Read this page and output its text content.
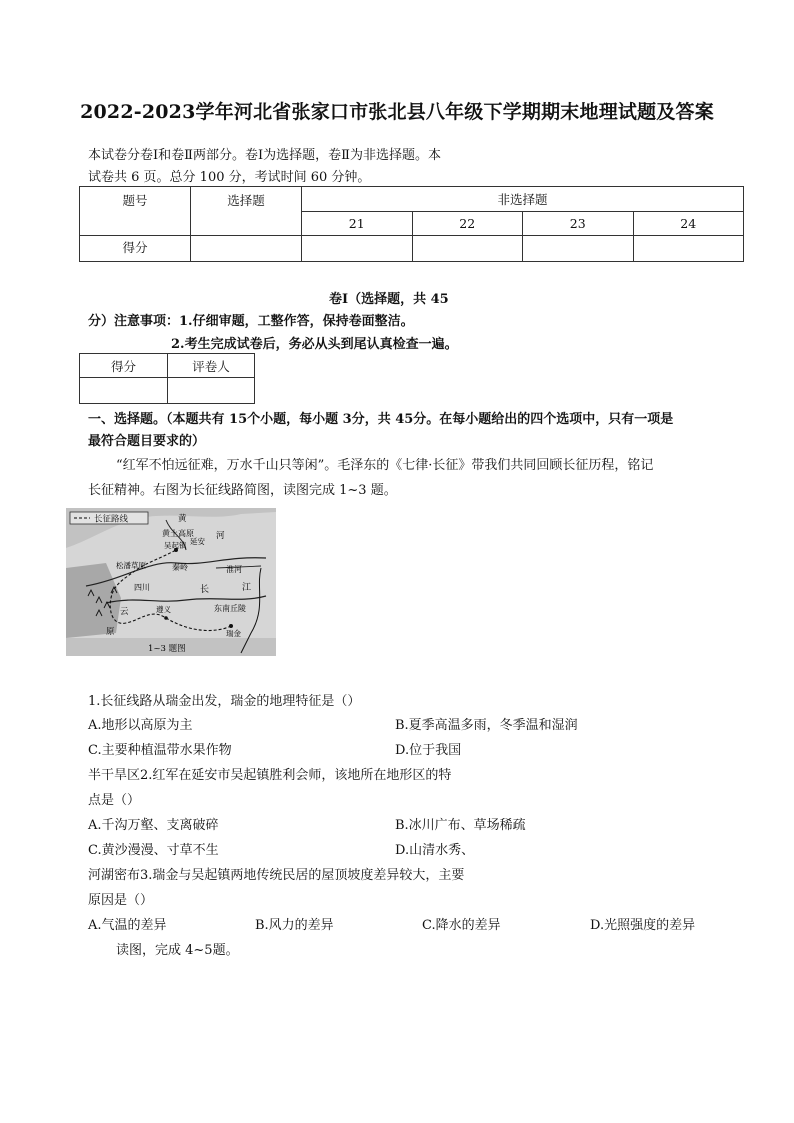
2022-2023学年河北省张家口市张北县八年级下学期期末地理试题及答案
本试卷分卷Ⅰ和卷Ⅱ两部分。卷Ⅰ为选择题，卷Ⅱ为非选择题。本
试卷共 6 页。总分 100 分，考试时间 60 分钟。
题号	选择题	非选择题			
		21	22	23	24
得分					
卷Ⅰ（选择题，共 45
分）注意事项：1.仔细审题，工整作答，保持卷面整洁。
2.考生完成试卷后，务必从头到尾认真检查一遍。
得分	评卷人

一、选择题。（本题共有 15个小题，每小题 3分，共 45分。在每小题给出的四个选项中，只有一项是
最符合题目要求的）
“红军不怕远征难，万水千山只等闲”。毛泽东的《七律·长征》带我们共同回顾长征历程，铭记
长征精神。右图为长征线路简图，读图完成 1~3 题。
长征路线	黄
黄土高原
吴起镇 延安
河
秦岭	淮河
松潘草原
四川	长	江
遵义	东南丘陵
瑞金
云
原
1~3 题图
1.长征线路从瑞金出发，瑞金的地理特征是（）
A.地形以高原为主	B.夏季高温多雨，冬季温和湿润
C.主要种植温带水果作物	D.位于我国
半干旱区2.红军在延安市吴起镇胜利会师，该地所在地形区的特
点是（）
A.千沟万壑、支离破碎	B.冰川广布、草场稀疏
C.黄沙漫漫、寸草不生	D.山清水秀、
河湖密布3.瑞金与吴起镇两地传统民居的屋顶坡度差异较大，主要
原因是（）
A.气温的差异	B.风力的差异	C.降水的差异	D.光照强度的差异
读图，完成 4~5题。
